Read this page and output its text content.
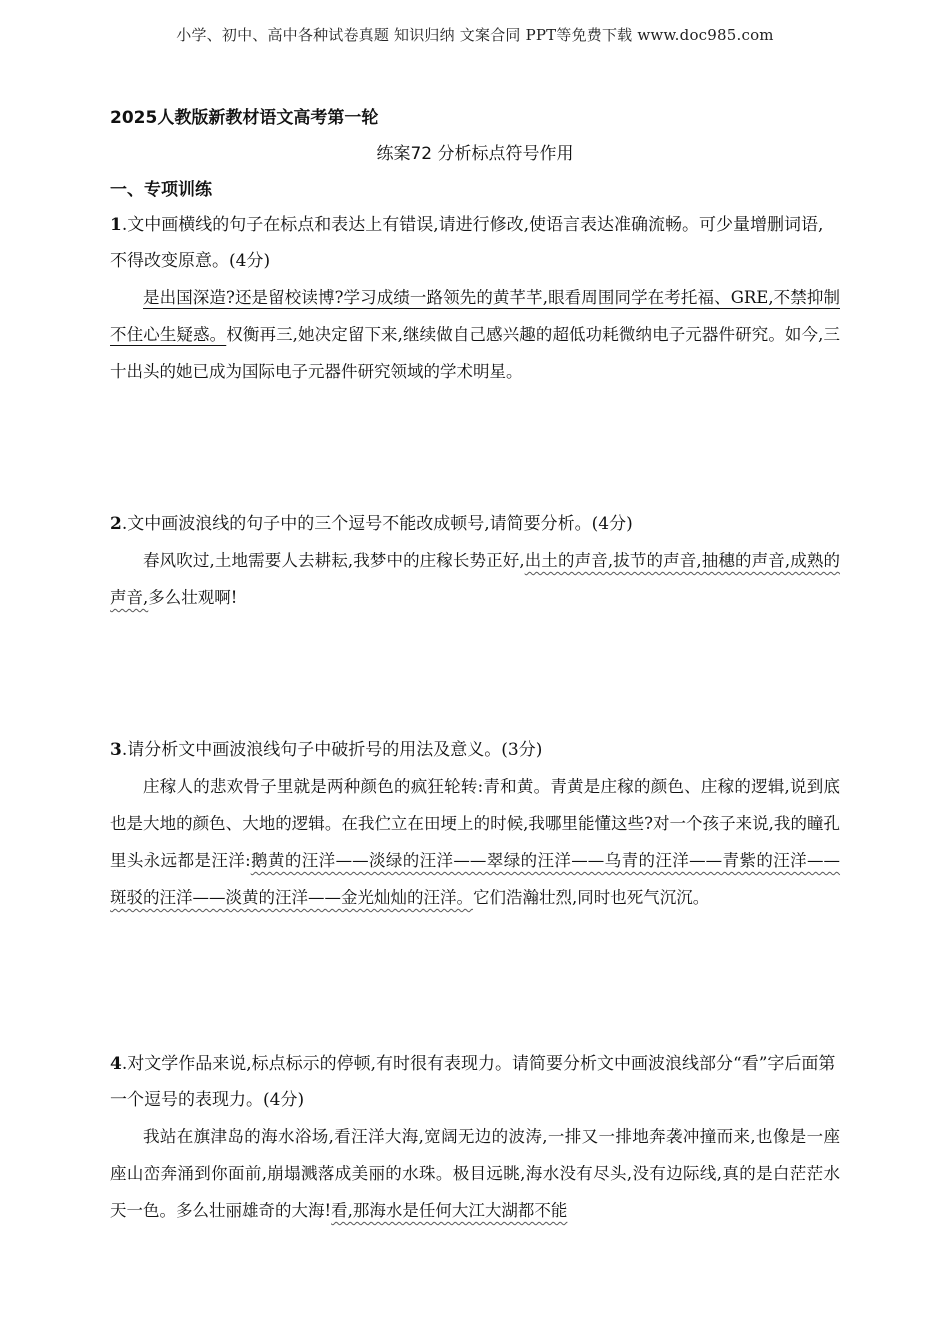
小学、初中、高中各种试卷真题 知识归纳 文案合同 PPT等免费下载 www.doc985.com
2025人教版新教材语文高考第一轮
练案72 分析标点符号作用
一、专项训练

1.文中画横线的句子在标点和表达上有错误,请进行修改,使语言表达准确流畅。可少量增删词语,不得改变原意。(4分)

是出国深造?还是留校读博?学习成绩一路领先的黄芊芊,眼看周围同学在考托福、GRE,不禁抑制不住心生疑惑。权衡再三,她决定留下来,继续做自己感兴趣的超低功耗微纳电子元器件研究。如今,三十出头的她已成为国际电子元器件研究领域的学术明星。

2.文中画波浪线的句子中的三个逗号不能改成顿号,请简要分析。(4分)

春风吹过,土地需要人去耕耘,我梦中的庄稼长势正好,出土的声音,拔节的声音,抽穗的声音,成熟的声音,多么壮观啊!

3.请分析文中画波浪线句子中破折号的用法及意义。(3分)

庄稼人的悲欢骨子里就是两种颜色的疯狂轮转:青和黄。青黄是庄稼的颜色、庄稼的逻辑,说到底也是大地的颜色、大地的逻辑。在我伫立在田埂上的时候,我哪里能懂这些?对一个孩子来说,我的瞳孔里头永远都是汪洋:鹅黄的汪洋——淡绿的汪洋——翠绿的汪洋——乌青的汪洋——青紫的汪洋——斑驳的汪洋——淡黄的汪洋——金光灿灿的汪洋。它们浩瀚壮烈,同时也死气沉沉。

4.对文学作品来说,标点标示的停顿,有时很有表现力。请简要分析文中画波浪线部分“看”字后面第一个逗号的表现力。(4分)

我站在旗津岛的海水浴场,看汪洋大海,宽阔无边的波涛,一排又一排地奔袭冲撞而来,也像是一座座山峦奔涌到你面前,崩塌溅落成美丽的水珠。极目远眺,海水没有尽头,没有边际线,真的是白茫茫水天一色。多么壮丽雄奇的大海!看,那海水是任何大江大湖都不能
